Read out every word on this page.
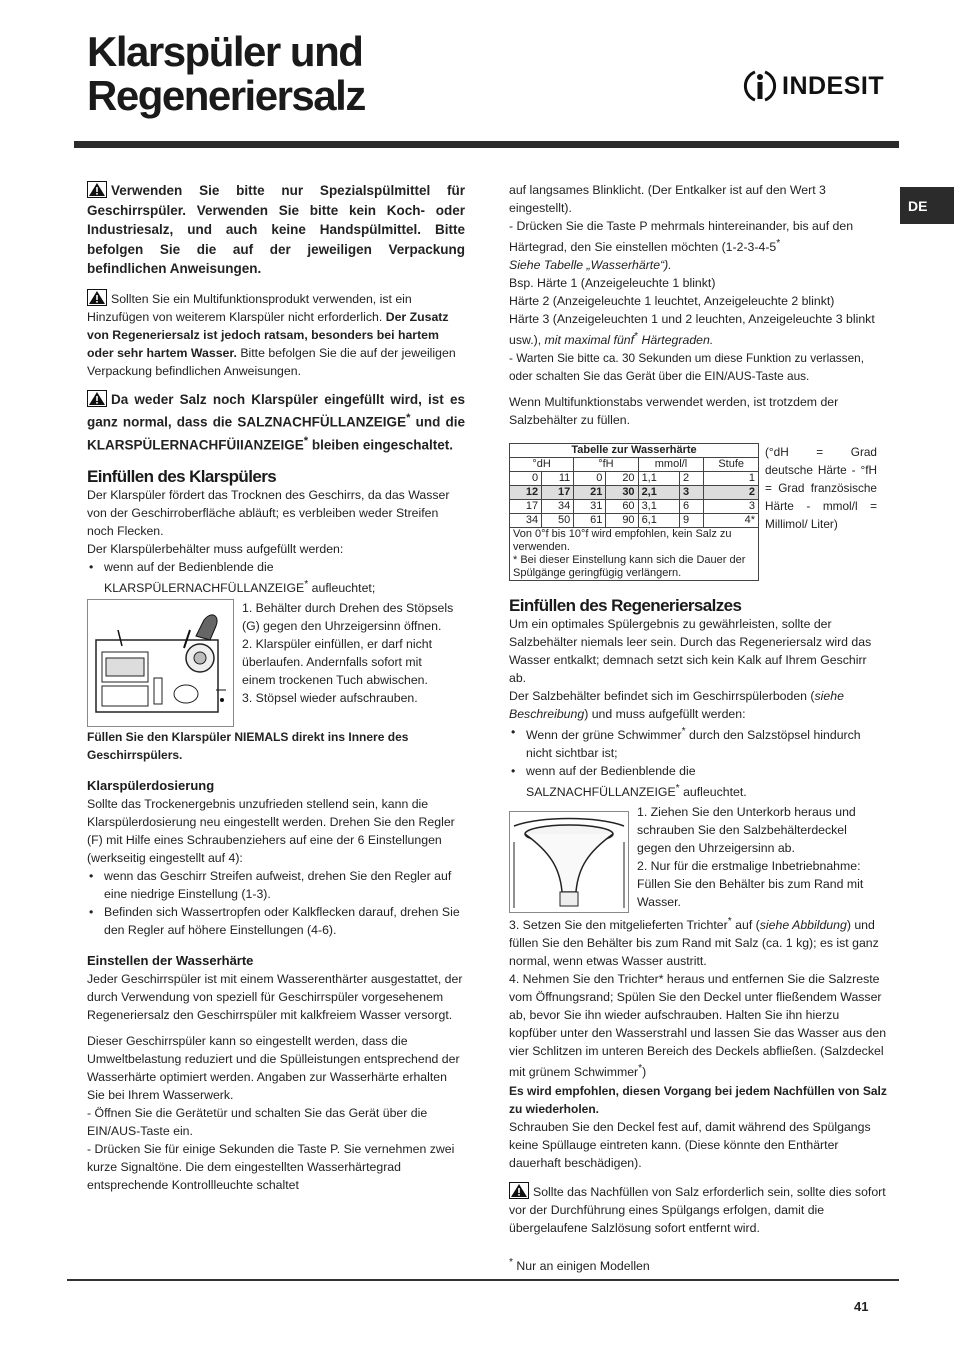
Klarspüler und
Regeneriersalz	INDESIT
DE

Verwenden Sie bitte nur Spezialspülmittel für Geschirrspüler. Verwenden Sie bitte kein Koch- oder Industriesalz, und auch keine Handspülmittel. Bitte befolgen Sie die auf der jeweiligen Verpackung befindlichen Anweisungen.

Sollten Sie ein Multifunktionsprodukt verwenden, ist ein Hinzufügen von weiterem Klarspüler nicht erforderlich. Der Zusatz von Regeneriersalz ist jedoch ratsam, besonders bei hartem oder sehr hartem Wasser. Bitte befolgen Sie die auf der jeweiligen Verpackung befindlichen Anweisungen.

Da weder Salz noch Klarspüler eingefüllt wird, ist es ganz normal, dass die SALZNACHFÜLLANZEIGE* und die KLARSPÜLERNACHFÜIIANZEIGE* bleiben eingeschaltet.

Einfüllen des Klarspülers

Der Klarspüler fördert das Trocknen des Geschirrs, da das Wasser von der Geschirroberfläche abläuft; es verbleiben weder Streifen noch Flecken.

Der Klarspülerbehälter muss aufgefüllt werden:

• wenn auf der Bedienblende die
KLARSPÜLERNACHFÜLLANZEIGE* aufleuchtet;

1. Behälter durch Drehen des Stöpsels (G) gegen den Uhrzeigersinn öffnen.

2. Klarspüler einfüllen, er darf nicht überlaufen. Andernfalls sofort mit einem trockenen Tuch abwischen.

3. Stöpsel wieder aufschrauben.

Füllen Sie den Klarspüler NIEMALS direkt ins Innere des Geschirrspülers.

Klarspülerdosierung

Sollte das Trockenergebnis unzufrieden stellend sein, kann die Klarspülerdosierung neu eingestellt werden. Drehen Sie den Regler (F) mit Hilfe eines Schraubenziehers auf eine der 6 Einstellungen (werkseitig eingestellt auf 4):

• wenn das Geschirr Streifen aufweist, drehen Sie den Regler auf eine niedrige Einstellung (1-3).
• Befinden sich Wassertropfen oder Kalkflecken darauf, drehen Sie den Regler auf höhere Einstellungen (4-6).
Einstellen der Wasserhärte

Jeder Geschirrspüler ist mit einem Wasserenthärter ausgestattet, der durch Verwendung von speziell für Geschirrspüler vorgesehenem Regeneriersalz den Geschirrspüler mit kalkfreiem Wasser versorgt.

Dieser Geschirrspüler kann so eingestellt werden, dass die Umweltbelastung reduziert und die Spülleistungen entsprechend der Wasserhärte optimiert werden. Angaben zur Wasserhärte erhalten Sie bei Ihrem Wasserwerk.

- Öffnen Sie die Gerätetür und schalten Sie das Gerät über die EIN/AUS-Taste ein.

- Drücken Sie für einige Sekunden die Taste P. Sie vernehmen zwei kurze Signaltöne. Die dem eingestellten Wasserhärtegrad entsprechende Kontrollleuchte schaltet

auf langsames Blinklicht. (Der Entkalker ist auf den Wert 3 eingestellt).

- Drücken Sie die Taste P mehrmals hintereinander, bis auf den Härtegrad, den Sie einstellen möchten (1-2-3-4-5*
Siehe Tabelle „Wasserhärte“).

Bsp. Härte 1 (Anzeigeleuchte 1 blinkt)

Härte 2 (Anzeigeleuchte 1 leuchtet, Anzeigeleuchte 2 blinkt)

Härte 3 (Anzeigeleuchten 1 und 2 leuchten, Anzeigeleuchte 3 blinkt usw.), mit maximal fünf* Härtegraden.

- Warten Sie bitte ca. 30 Sekunden um diese Funktion zu verlassen, oder schalten Sie das Gerät über die EIN/AUS-Taste aus.

Wenn Multifunktionstabs verwendet werden, ist trotzdem der Salzbehälter zu füllen.

Tabelle zur Wasserhärte						
°dH		°fH		mmol/l		Stufe
0	11	0	20	1,1	2	1
12	17	21	30	2,1	3	2
17	34	31	60	3,1	6	3
34	50	61	90	6,1	9	4*
Von 0°f bis 10°f wird empfohlen, kein Salz zu verwenden.
* Bei dieser Einstellung kann sich die Dauer der Spülgänge geringfügig verlängern.						

(°dH = Grad deutsche Härte - °fH = Grad französische Härte - mmol/l = Millimol/ Liter)

Einfüllen des Regeneriersalzes

Um ein optimales Spülergebnis zu gewährleisten, sollte der Salzbehälter niemals leer sein. Durch das Regeneriersalz wird das Wasser entkalkt; demnach setzt sich kein Kalk auf Ihrem Geschirr ab.

Der Salzbehälter befindet sich im Geschirrspülerboden (siehe Beschreibung) und muss aufgefüllt werden:

• Wenn der grüne Schwimmer* durch den Salzstöpsel hindurch nicht sichtbar ist;
• wenn auf der Bedienblende die
SALZNACHFÜLLANZEIGE* aufleuchtet.

1. Ziehen Sie den Unterkorb heraus und schrauben Sie den Salzbehälterdeckel gegen den Uhrzeigersinn ab.

2. Nur für die erstmalige Inbetriebnahme: Füllen Sie den Behälter bis zum Rand mit Wasser.

3. Setzen Sie den mitgelieferten Trichter* auf (siehe Abbildung) und füllen Sie den Behälter bis zum Rand mit Salz (ca. 1 kg); es ist ganz normal, wenn etwas Wasser austritt.

4. Nehmen Sie den Trichter* heraus und entfernen Sie die Salzreste vom Öffnungsrand; Spülen Sie den Deckel unter fließendem Wasser ab, bevor Sie ihn wieder aufschrauben. Halten Sie ihn hierzu kopfüber unter den Wasserstrahl und lassen Sie das Wasser aus den vier Schlitzen im unteren Bereich des Deckels abfließen. (Salzdeckel mit grünem Schwimmer*)

Es wird empfohlen, diesen Vorgang bei jedem Nachfüllen von Salz zu wiederholen.

Schrauben Sie den Deckel fest auf, damit während des Spülgangs keine Spüllauge eintreten kann. (Diese könnte den Enthärter dauerhaft beschädigen).

Sollte das Nachfüllen von Salz erforderlich sein, sollte dies sofort vor der Durchführung eines Spülgangs erfolgen, damit die übergelaufene Salzlösung sofort entfernt wird.

* Nur an einigen Modellen
41
